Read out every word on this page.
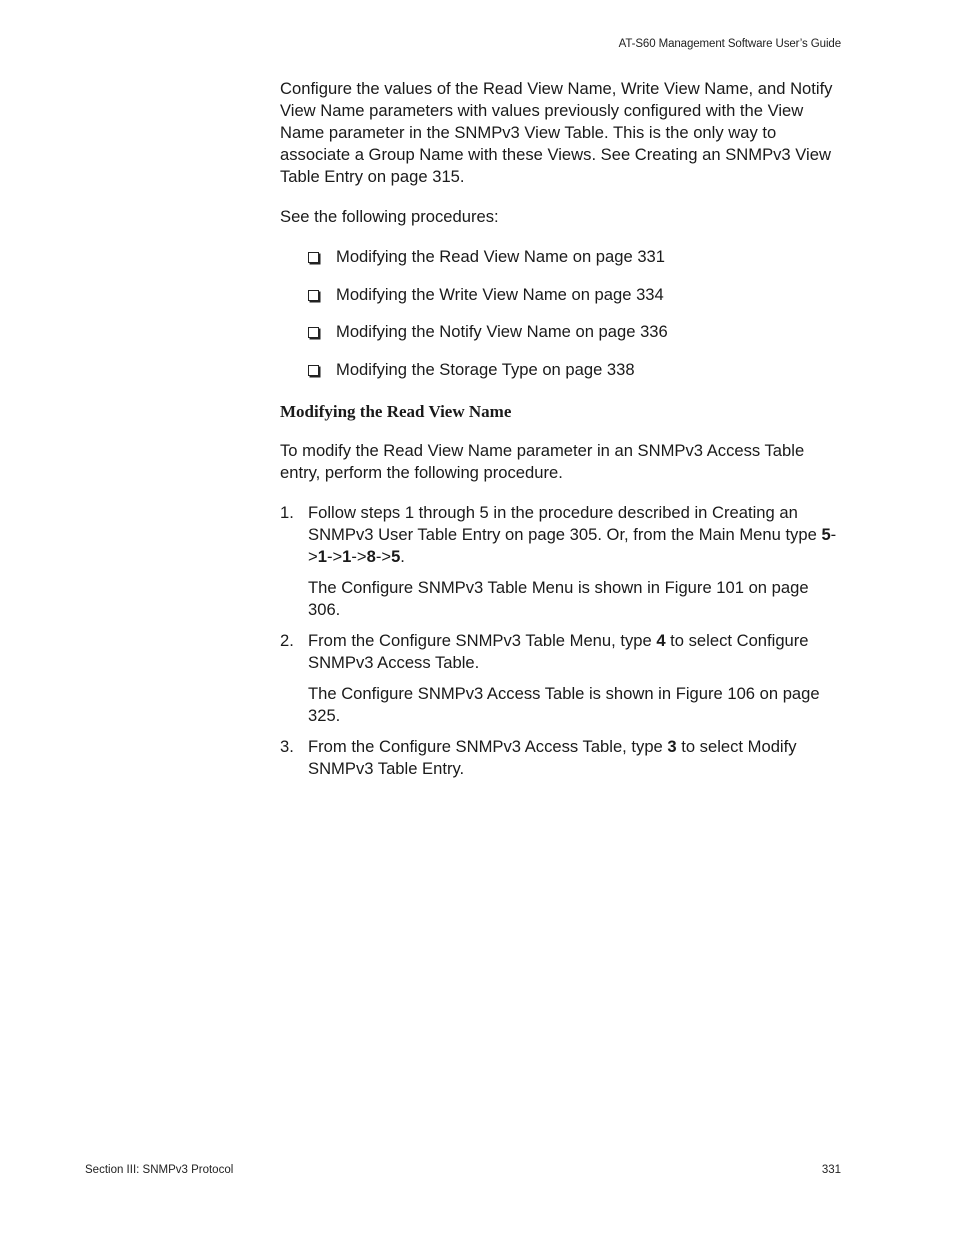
AT-S60 Management Software User’s Guide

Configure the values of the Read View Name, Write View Name, and Notify View Name parameters with values previously configured with the View Name parameter in the SNMPv3 View Table. This is the only way to associate a Group Name with these Views. See Creating an SNMPv3 View Table Entry on page 315.

See the following procedures:

Modifying the Read View Name on page 331
Modifying the Write View Name on page 334
Modifying the Notify View Name on page 336
Modifying the Storage Type on page 338
Modifying the Read View Name

To modify the Read View Name parameter in an SNMPv3 Access Table entry, perform the following procedure.

1. Follow steps 1 through 5 in the procedure described in Creating an SNMPv3 User Table Entry on page 305. Or, from the Main Menu type 5->1->1->8->5.

The Configure SNMPv3 Table Menu is shown in Figure 101 on page 306.

2. From the Configure SNMPv3 Table Menu, type 4 to select Configure SNMPv3 Access Table.

The Configure SNMPv3 Access Table is shown in Figure 106 on page 325.

3. From the Configure SNMPv3 Access Table, type 3 to select Modify SNMPv3 Table Entry.

Section III: SNMPv3 Protocol	331
